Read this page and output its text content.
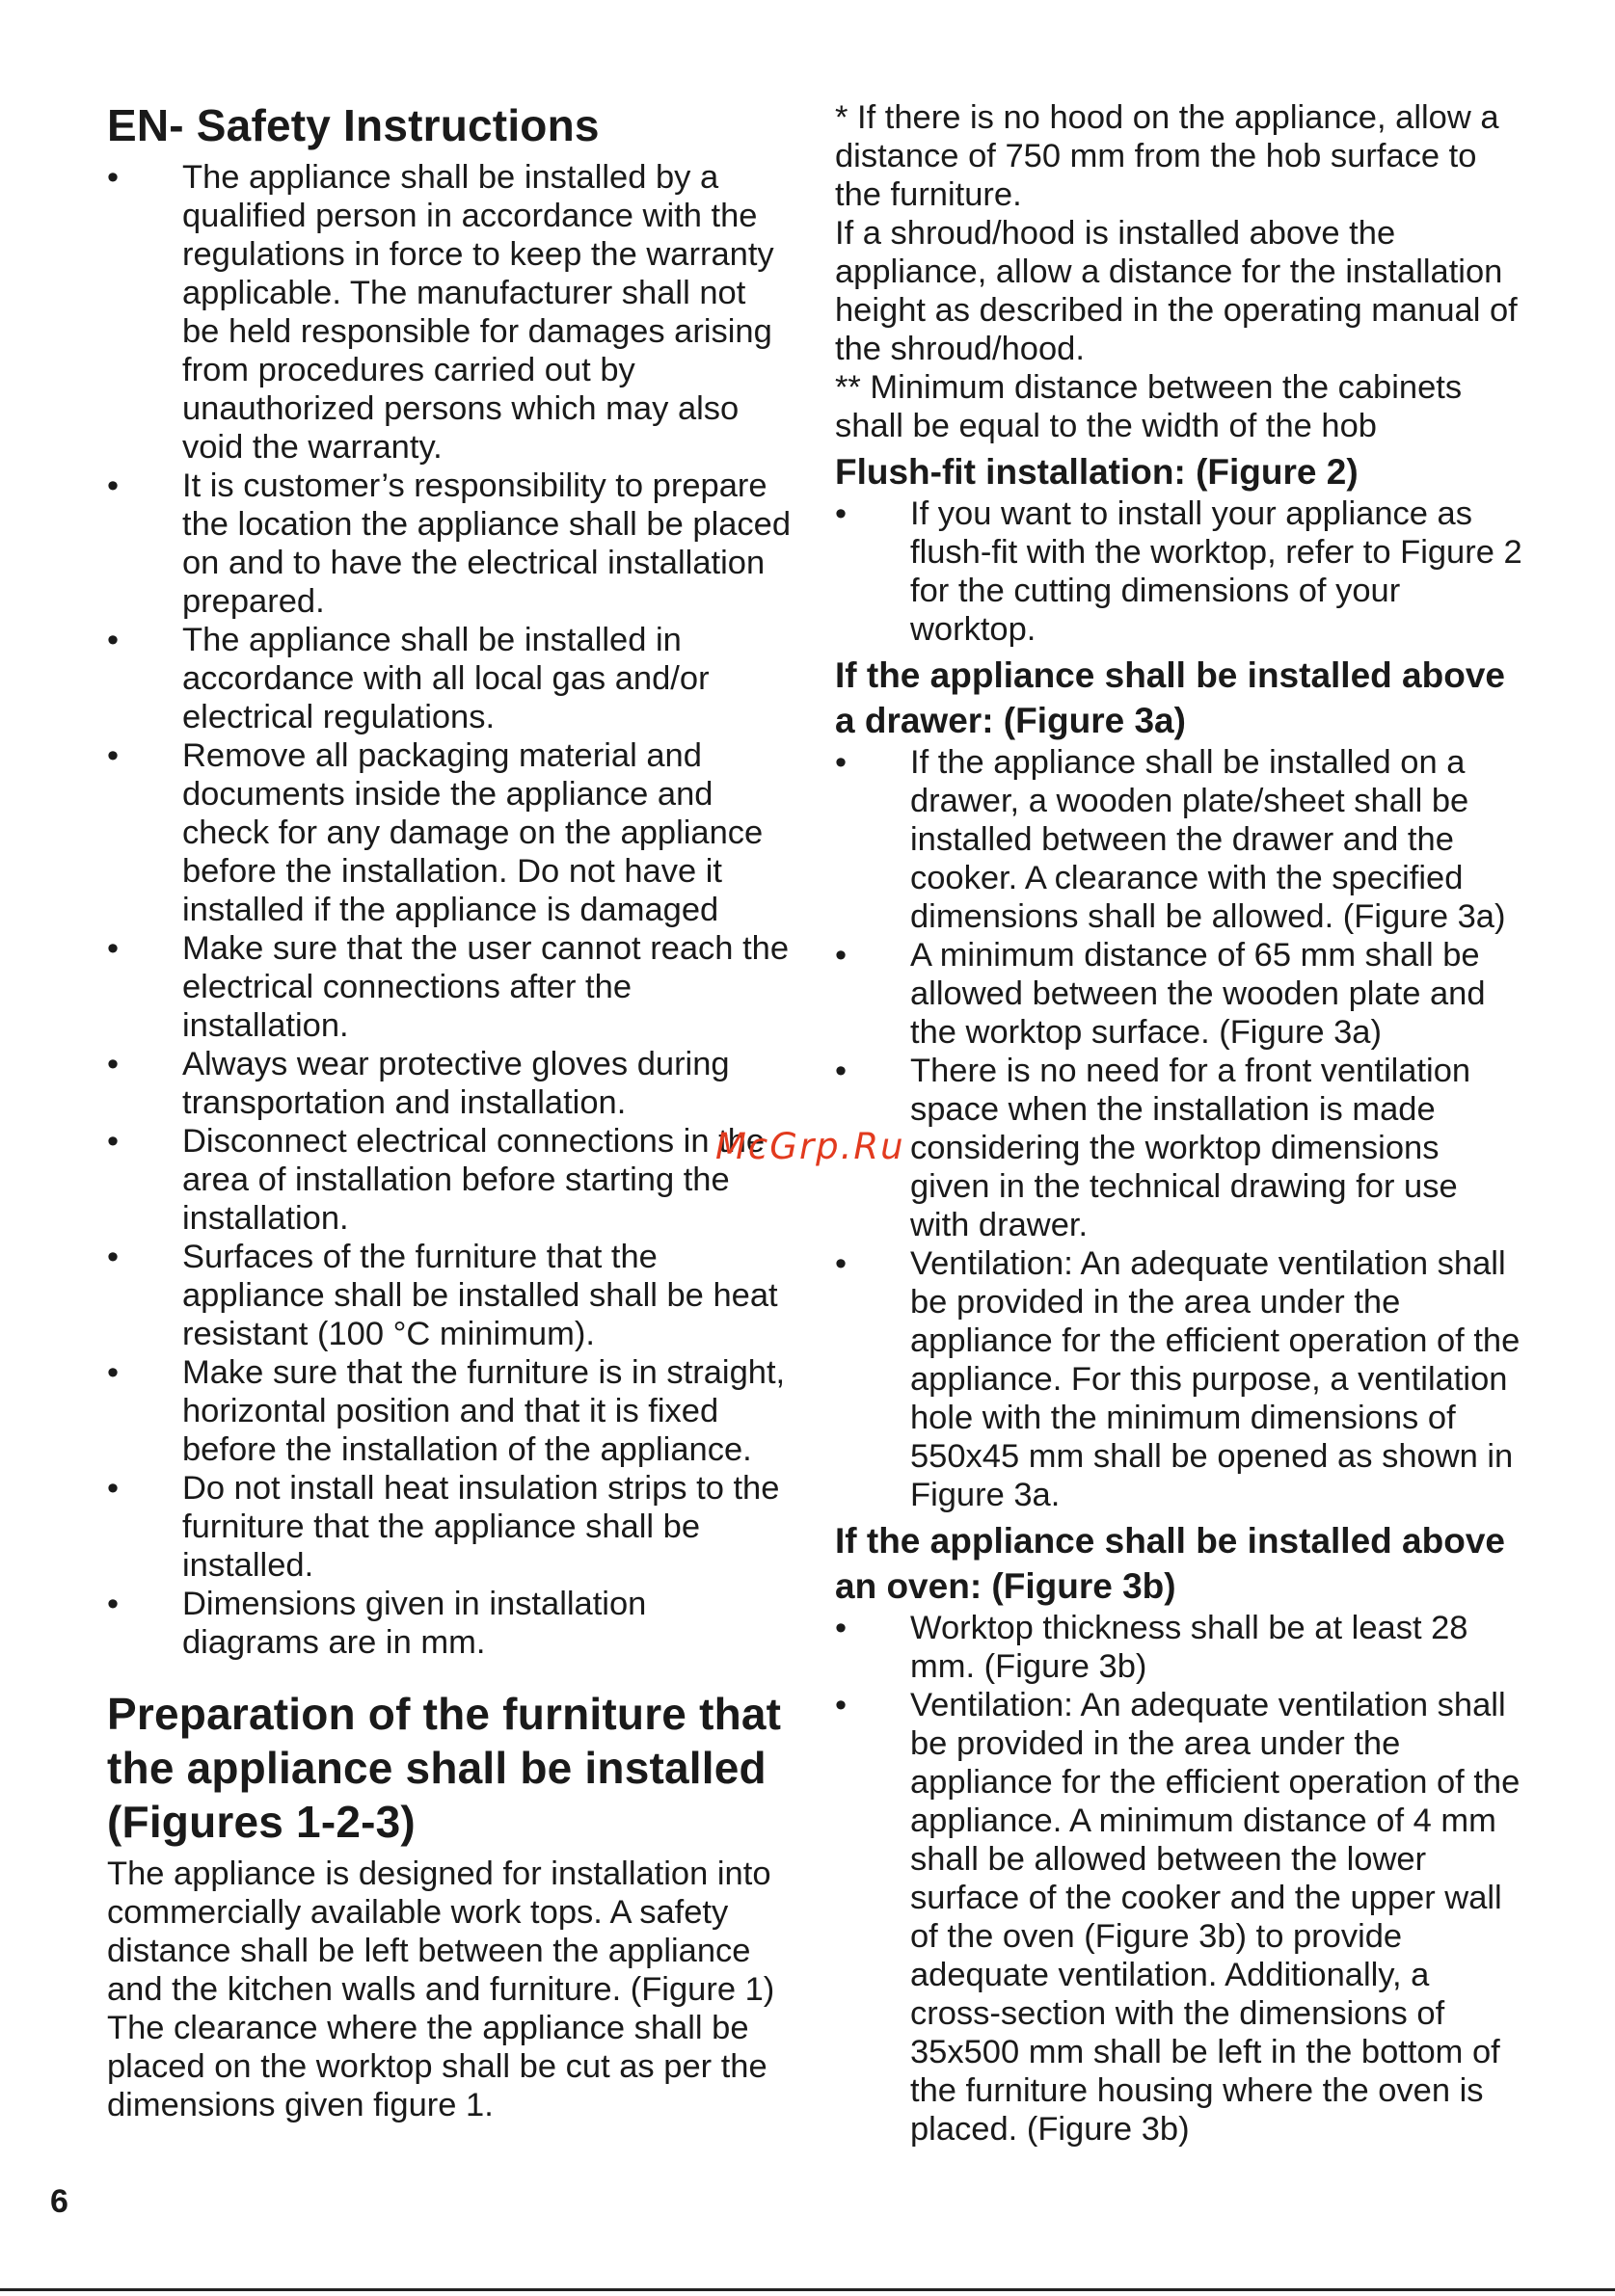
EN- Safety Instructions
• The appliance shall be installed by a qualified person in accordance with the regulations in force to keep the warranty applicable. The manufacturer shall not be held responsible for damages arising from procedures carried out by unauthorized persons which may also void the warranty.
• It is customer’s responsibility to prepare the location the appliance shall be placed on and to have the electrical installation prepared.
• The appliance shall be installed in accordance with all local gas and/or electrical regulations.
• Remove all packaging material and documents inside the appliance and check for any damage on the appliance before the installation. Do not have it installed if the appliance is damaged
• Make sure that the user cannot reach the electrical connections after the installation.
• Always wear protective gloves during transportation and installation.
• Disconnect electrical connections in the area of installation before starting the installation.
• Surfaces of the furniture that the appliance shall be installed shall be heat resistant (100 °C minimum).
• Make sure that the furniture is in straight, horizontal position and that it is fixed before the installation of the appliance.
• Do not install heat insulation strips to the furniture that the appliance shall be installed.
• Dimensions given in installation diagrams are in mm.
Preparation of the furniture that the appliance shall be installed (Figures 1-2-3)

The appliance is designed for installation into commercially available work tops. A safety distance shall be left between the appliance and the kitchen walls and furniture. (Figure 1)

The clearance where the appliance shall be placed on the worktop shall be cut as per the dimensions given figure 1.

* If there is no hood on the appliance, allow a distance of 750 mm from the hob surface to the furniture.

If a shroud/hood is installed above the appliance, allow a distance for the installation height as described in the operating manual of the shroud/hood.

** Minimum distance between the cabinets shall be equal to the width of the hob

Flush-fit installation: (Figure 2)
• If you want to install your appliance as flush-fit with the worktop, refer to Figure 2 for the cutting dimensions of your worktop.
If the appliance shall be installed above a drawer: (Figure 3a)
• If the appliance shall be installed on a drawer, a wooden plate/sheet shall be installed between the drawer and the cooker. A clearance with the specified dimensions shall be allowed. (Figure 3a)
• A minimum distance of 65 mm shall be allowed between the wooden plate and the worktop surface. (Figure 3a)
• There is no need for a front ventilation space when the installation is made considering the worktop dimensions given in the technical drawing for use with drawer.
• Ventilation: An adequate ventilation shall be provided in the area under the appliance for the efficient operation of the appliance. For this purpose, a ventilation hole with the minimum dimensions of 550x45 mm shall be opened as shown in Figure 3a.
If the appliance shall be installed above an oven: (Figure 3b)
• Worktop thickness shall be at least 28 mm. (Figure 3b)
• Ventilation: An adequate ventilation shall be provided in the area under the appliance for the efficient operation of the appliance. A minimum distance of 4 mm shall be allowed between the lower surface of the cooker and the upper wall of the oven (Figure 3b) to provide adequate ventilation. Additionally, a cross-section with the dimensions of 35x500 mm shall be left in the bottom of the furniture housing where the oven is placed. (Figure 3b)
McGrp.Ru
6
